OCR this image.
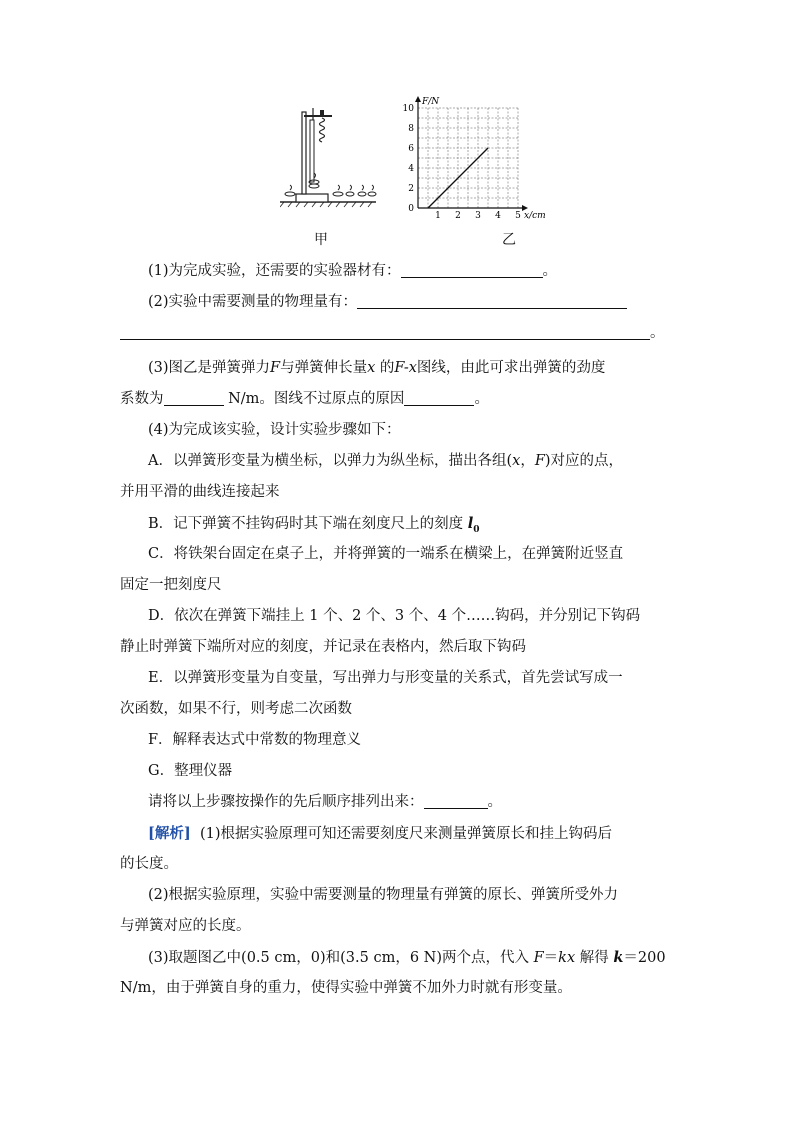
F/N
x/cm
10
8
6
4
2
0
1 2 3 4 5
甲	乙
(1)为完成实验，还需要的实验器材有：	。
(2)实验中需要测量的物理量有：
。
(3)图乙是弹簧弹力F与弹簧伸长量x 的F-x图线，由此可求出弹簧的劲度
系数为	N/m。图线不过原点的原因	。
(4)为完成该实验，设计实验步骤如下：
A．以弹簧形变量为横坐标，以弹力为纵坐标，描出各组(x，F)对应的点，
并用平滑的曲线连接起来
B．记下弹簧不挂钩码时其下端在刻度尺上的刻度 $l_0$
C．将铁架台固定在桌子上，并将弹簧的一端系在横梁上，在弹簧附近竖直
固定一把刻度尺
D．依次在弹簧下端挂上 1 个、2 个、3 个、4 个……钩码，并分别记下钩码
静止时弹簧下端所对应的刻度，并记录在表格内，然后取下钩码
E．以弹簧形变量为自变量，写出弹力与形变量的关系式，首先尝试写成一
次函数，如果不行，则考虑二次函数
F．解释表达式中常数的物理意义
G．整理仪器
请将以上步骤按操作的先后顺序排列出来：	。
[解析] (1)根据实验原理可知还需要刻度尺来测量弹簧原长和挂上钩码后
的长度。
(2)根据实验原理，实验中需要测量的物理量有弹簧的原长、弹簧所受外力
与弹簧对应的长度。
(3)取题图乙中(0.5 cm，0)和(3.5 cm，6 N)两个点，代入 F＝kx 解得 k＝200
N/m，由于弹簧自身的重力，使得实验中弹簧不加外力时就有形变量。
